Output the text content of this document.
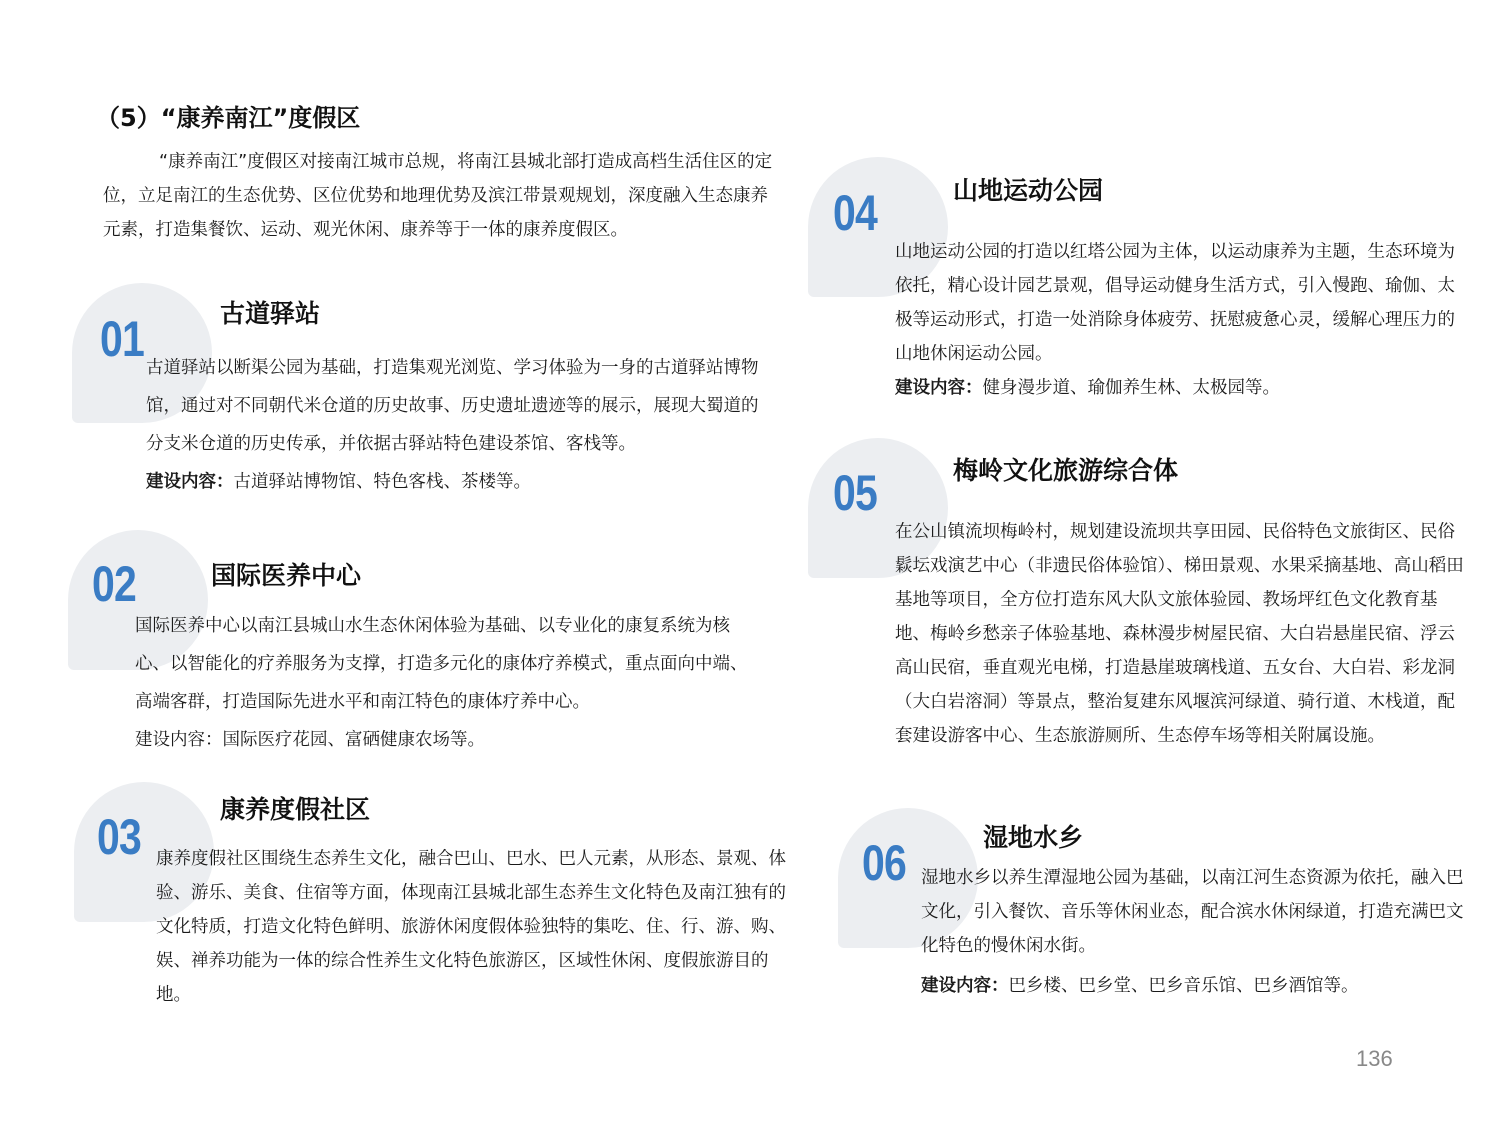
（5）“康养南江”度假区

“康养南江”度假区对接南江城市总规，将南江县城北部打造成高档生活住区的定位，立足南江的生态优势、区位优势和地理优势及滨江带景观规划，深度融入生态康养元素，打造集餐饮、运动、观光休闲、康养等于一体的康养度假区。

01	古道驿站

古道驿站以断渠公园为基础，打造集观光浏览、学习体验为一身的古道驿站博物馆，通过对不同朝代米仓道的历史故事、历史遗址遗迹等的展示，展现大蜀道的分支米仓道的历史传承，并依据古驿站特色建设茶馆、客栈等。

建设内容：古道驿站博物馆、特色客栈、茶楼等。

02	国际医养中心

国际医养中心以南江县城山水生态休闲体验为基础、以专业化的康复系统为核心、以智能化的疗养服务为支撑，打造多元化的康体疗养模式，重点面向中端、高端客群，打造国际先进水平和南江特色的康体疗养中心。

建设内容：国际医疗花园、富硒健康农场等。

03	康养度假社区

康养度假社区围绕生态养生文化，融合巴山、巴水、巴人元素，从形态、景观、体验、游乐、美食、住宿等方面，体现南江县城北部生态养生文化特色及南江独有的文化特质，打造文化特色鲜明、旅游休闲度假体验独特的集吃、住、行、游、购、娱、禅养功能为一体的综合性养生文化特色旅游区，区域性休闲、度假旅游目的地。

04	山地运动公园

山地运动公园的打造以红塔公园为主体，以运动康养为主题，生态环境为依托，精心设计园艺景观，倡导运动健身生活方式，引入慢跑、瑜伽、太极等运动形式，打造一处消除身体疲劳、抚慰疲惫心灵，缓解心理压力的山地休闲运动公园。

建设内容：健身漫步道、瑜伽养生林、太极园等。

05	梅岭文化旅游综合体

在公山镇流坝梅岭村，规划建设流坝共享田园、民俗特色文旅街区、民俗鬏坛戏演艺中心（非遗民俗体验馆）、梯田景观、水果采摘基地、高山稻田基地等项目，全方位打造东风大队文旅体验园、教场坪红色文化教育基地、梅岭乡愁亲子体验基地、森林漫步树屋民宿、大白岩悬崖民宿、浮云高山民宿，垂直观光电梯，打造悬崖玻璃栈道、五女台、大白岩、彩龙洞（大白岩溶洞）等景点，整治复建东风堰滨河绿道、骑行道、木栈道，配套建设游客中心、生态旅游厕所、生态停车场等相关附属设施。

06	湿地水乡

湿地水乡以养生潭湿地公园为基础，以南江河生态资源为依托，融入巴文化，引入餐饮、音乐等休闲业态，配合滨水休闲绿道，打造充满巴文化特色的慢休闲水街。

建设内容：巴乡楼、巴乡堂、巴乡音乐馆、巴乡酒馆等。

136
